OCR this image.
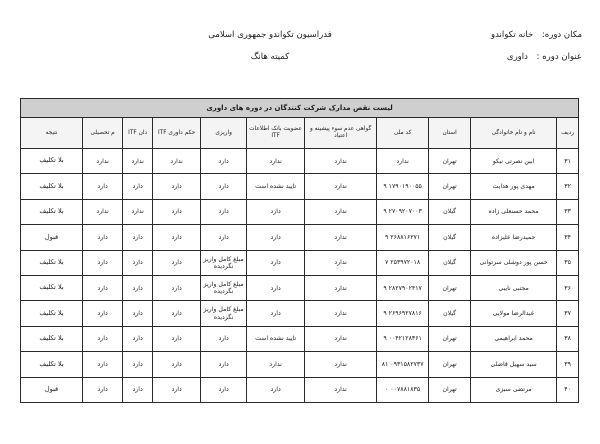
مکان دوره: خانه تکواندو
عنوان دوره : داوری
فدراسیون تکواندو جمهوری اسلامی
کمیته هانگ
لیست نقص مدارک شرکت کنندگان در دوره های داوری										
ردیف	نام و نام خانوادگی	استان	کد ملی	گواهی عدم سوء پیشینه و اعتیاد	عضویت بانک اطلاعات ITF	واریزی	حکم داوری ITF	دان ITF	م تحصیلی	نتیجه
۳۱	ابین نصرتی نیکو	تهران	ندارد	ندارد	ندارد	دارد	ندارد	ندارد	ندارد	بلا تکلیف
۳۲	مهدی پور هدایت	تهران	۱۷۹۰۱۹۰۰۵۵ ۹	ندارد	تایید نشده است	دارد	دارد	دارد	دارد	بلا تکلیف
۳۳	محمد حسنعلی زاده	گیلان	۲۷۰۹۲۰۷۰۰۳ ۹	ندارد	دارد	دارد	دارد	ندارد	ندارد	بلا تکلیف
۳۴	حمیدرضا علیزاده	گیلان	۲۶۸۸۱۶۲۷۱ ۹	ندارد	دارد	دارد	دارد	دارد	دارد	قبول
۳۵	حسن پور دوشلی سرتوانی	گیلان	۲۵۳۹۷۲۰۱۸ ۷	ندارد	دارد	مبلغ کامل واریز نگردیده	دارد	دارد	دارد	بلا تکلیف
۳۶	مجتبی نایبی	تهران	۲۸۲۷۹۰۲۴۱۷ ۹	ندارد	دارد	مبلغ کامل واریز نگردیده	دارد	دارد	دارد	بلا تکلیف
۳۷	عبدالرضا مولایی	گیلان	۲۶۹۶۹۲۷۸۱۶ ۹	ندارد	دارد	مبلغ کامل واریز نگردیده	دارد	دارد	دارد	بلا تکلیف
۳۸	محمد ابراهیمی	تهران	۰۰۴۲۱۲۸۳۶۱ ۹	ندارد	تایید نشده است	دارد	دارد	دارد	دارد	بلا تکلیف
۳۹	سید سهیل قاضلی	تهران	۰۹۳۱۵۸۲۷۳۷ ۸۱	ندارد	ندارد	دارد	دارد	دارد	دارد	بلا تکلیف
۴۰	مرتضی سبزی	تهران	۰۰۷۸۸۱۸۳۵ ۰	ندارد	دارد	دارد	دارد	دارد	دارد	قبول
